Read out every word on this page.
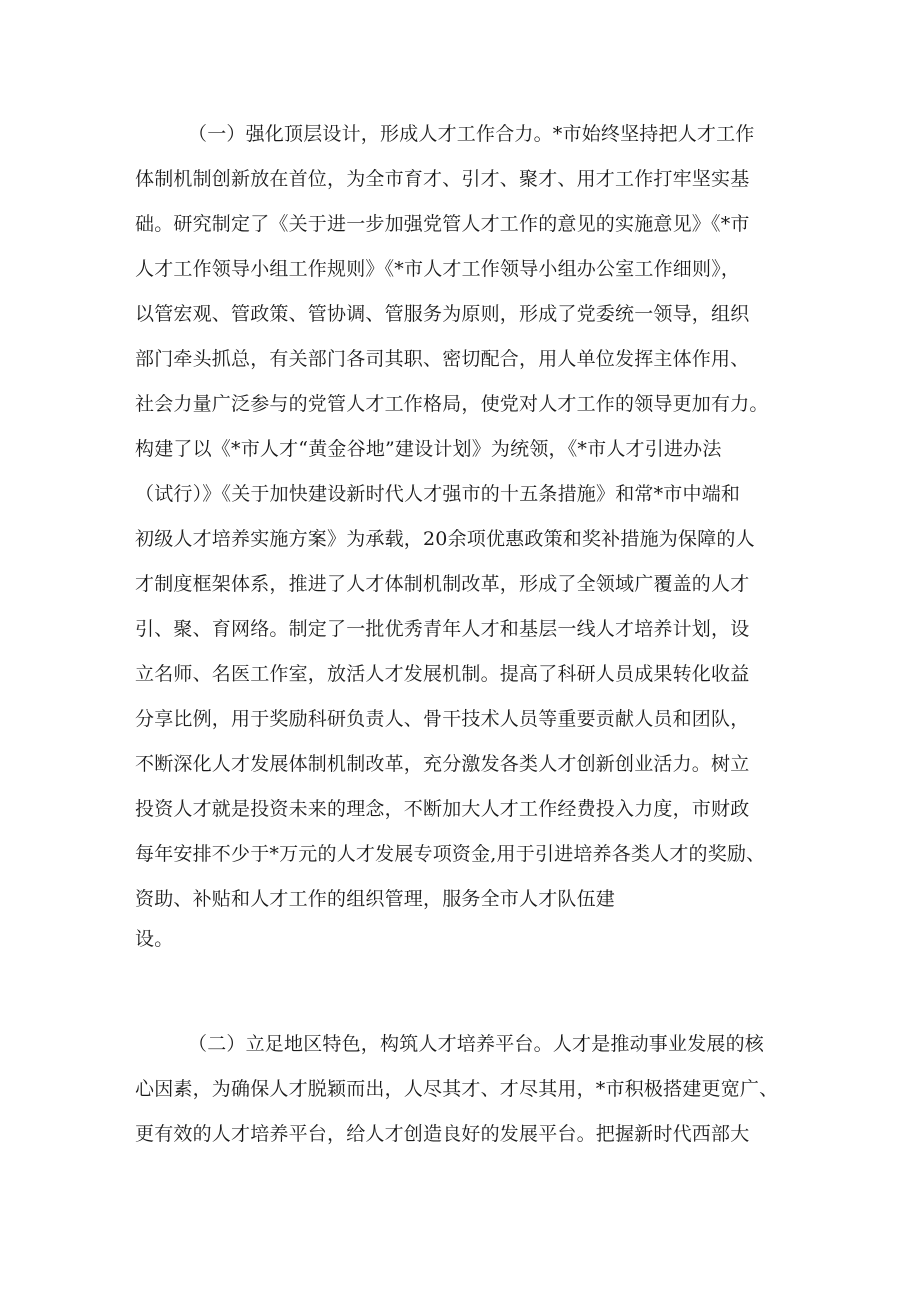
（一）强化顶层设计，形成人才工作合力。*市始终坚持把人才工作
体制机制创新放在首位，为全市育才、引才、聚才、用才工作打牢坚实基
础。研究制定了《关于进一步加强党管人才工作的意见的实施意见》《*市
人才工作领导小组工作规则》《*市人才工作领导小组办公室工作细则》，
以管宏观、管政策、管协调、管服务为原则，形成了党委统一领导，组织
部门牵头抓总，有关部门各司其职、密切配合，用人单位发挥主体作用、
社会力量广泛参与的党管人才工作格局，使党对人才工作的领导更加有力。
构建了以《*市人才“黄金谷地”建设计划》为统领，《*市人才引进办法
（试行）》《关于加快建设新时代人才强市的十五条措施》和常*市中端和
初级人才培养实施方案》为承载，20余项优惠政策和奖补措施为保障的人
才制度框架体系，推进了人才体制机制改革，形成了全领域广覆盖的人才
引、聚、育网络。制定了一批优秀青年人才和基层一线人才培养计划，设
立名师、名医工作室，放活人才发展机制。提高了科研人员成果转化收益
分享比例，用于奖励科研负责人、骨干技术人员等重要贡献人员和团队，
不断深化人才发展体制机制改革，充分激发各类人才创新创业活力。树立
投资人才就是投资未来的理念，不断加大人才工作经费投入力度，市财政
每年安排不少于*万元的人才发展专项资金,用于引进培养各类人才的奖励、
资助、补贴和人才工作的组织管理，服务全市人才队伍建
设。
（二）立足地区特色，构筑人才培养平台。人才是推动事业发展的核
心因素，为确保人才脱颖而出，人尽其才、才尽其用，*市积极搭建更宽广、
更有效的人才培养平台，给人才创造良好的发展平台。把握新时代西部大
